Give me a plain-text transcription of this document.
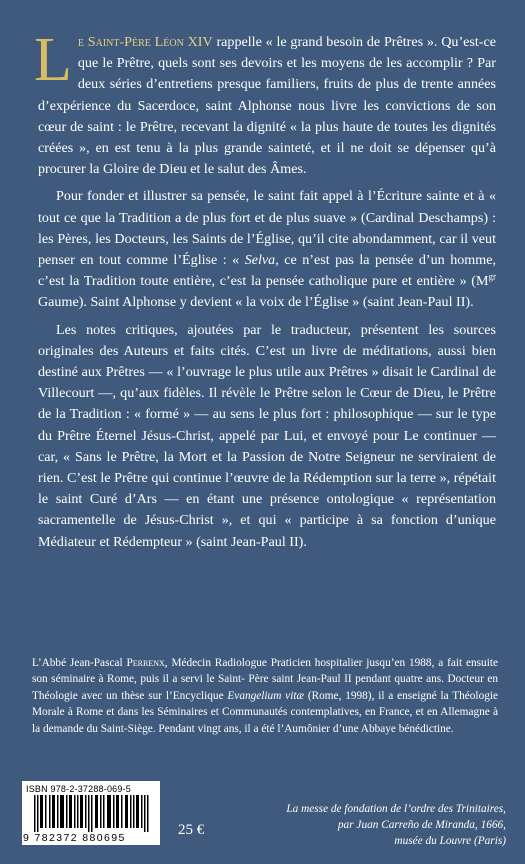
Le Saint-Père Léon XIV rappelle « le grand besoin de Prêtres ». Qu’est-ce que le Prêtre, quels sont ses devoirs et les moyens de les accomplir ? Par deux séries d’entretiens presque familiers, fruits de plus de trente années d’expérience du Sacerdoce, saint Alphonse nous livre les convictions de son cœur de saint : le Prêtre, recevant la dignité « la plus haute de toutes les dignités créées », en est tenu à la plus grande sainteté, et il ne doit se dépenser qu’à procurer la Gloire de Dieu et le salut des Âmes.

Pour fonder et illustrer sa pensée, le saint fait appel à l’Écriture sainte et à « tout ce que la Tradition a de plus fort et de plus suave » (Cardinal Deschamps) : les Pères, les Docteurs, les Saints de l’Église, qu’il cite abondamment, car il veut penser en tout comme l’Église : « Selva, ce n’est pas la pensée d’un homme, c’est la Tradition toute entière, c’est la pensée catholique pure et entière » ($M^{gr}$ Gaume). Saint Alphonse y devient « la voix de l’Église » (saint Jean-Paul II).

Les notes critiques, ajoutées par le traducteur, présentent les sources originales des Auteurs et faits cités. C’est un livre de méditations, aussi bien destiné aux Prêtres — « l’ouvrage le plus utile aux Prêtres » disait le Cardinal de Villecourt —, qu’aux fidèles. Il révèle le Prêtre selon le Cœur de Dieu, le Prêtre de la Tradition : « formé » — au sens le plus fort : philosophique — sur le type du Prêtre Éternel Jésus-Christ, appelé par Lui, et envoyé pour Le continuer — car, « Sans le Prêtre, la Mort et la Passion de Notre Seigneur ne serviraient de rien. C’est le Prêtre qui continue l’œuvre de la Rédemption sur la terre », répétait le saint Curé d’Ars — en étant une présence ontologique « représentation sacramentelle de Jésus-Christ », et qui « participe à sa fonction d’unique Médiateur et Rédempteur » (saint Jean-Paul II).

L’Abbé Jean-Pascal Perrenx, Médecin Radiologue Praticien hospitalier jusqu’en 1988, a fait ensuite son séminaire à Rome, puis il a servi le Saint- Père saint Jean-Paul II pendant quatre ans. Docteur en Théologie avec un thèse sur l’Encyclique Evangelium vitæ (Rome, 1998), il a enseigné la Théologie Morale à Rome et dans les Séminaires et Communautés contemplatives, en France, et en Allemagne à la demande du Saint-Siège. Pendant vingt ans, il a été l’Aumônier d’une Abbaye bénédictine.

ISBN 978-2-37288-069-5
9 782372 880695	25 €
La messe de fondation de l’ordre des Trinitaires,
par Juan Carreño de Miranda, 1666,
musée du Louvre (Paris)
